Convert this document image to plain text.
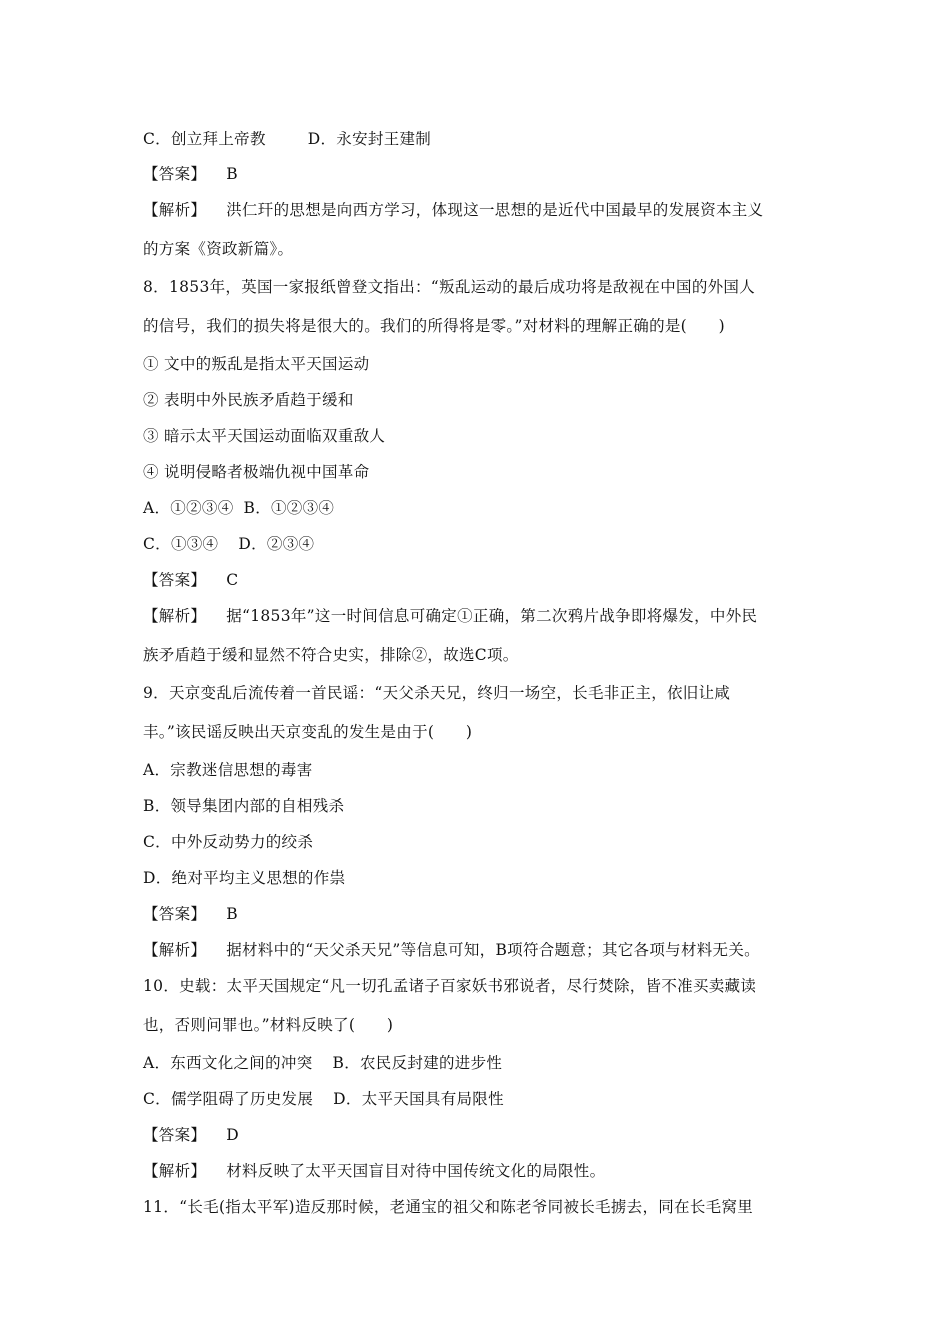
C．创立拜上帝教	D．永安封王建制
【答案】 B
【解析】 洪仁玕的思想是向西方学习，体现这一思想的是近代中国最早的发展资本主义
的方案《资政新篇》。
8．1853年，英国一家报纸曾登文指出：“叛乱运动的最后成功将是敌视在中国的外国人
的信号，我们的损失将是很大的。我们的所得将是零。”对材料的理解正确的是(　　)
① 文中的叛乱是指太平天国运动
② 表明中外民族矛盾趋于缓和
③ 暗示太平天国运动面临双重敌人
④ 说明侵略者极端仇视中国革命
A．①②③④ B．①②③④
C．①③④ D．②③④
【答案】 C
【解析】 据“1853年”这一时间信息可确定①正确，第二次鸦片战争即将爆发，中外民
族矛盾趋于缓和显然不符合史实，排除②，故选C项。
9．天京变乱后流传着一首民谣：“天父杀天兄，终归一场空，长毛非正主，依旧让咸
丰。”该民谣反映出天京变乱的发生是由于(　　)
A．宗教迷信思想的毒害
B．领导集团内部的自相残杀
C．中外反动势力的绞杀
D．绝对平均主义思想的作祟
【答案】 B
【解析】 据材料中的“天父杀天兄”等信息可知，B项符合题意；其它各项与材料无关。
10．史载：太平天国规定“凡一切孔孟诸子百家妖书邪说者，尽行焚除，皆不准买卖藏读
也，否则问罪也。”材料反映了(　　)
A．东西文化之间的冲突 B．农民反封建的进步性
C．儒学阻碍了历史发展 D．太平天国具有局限性
【答案】 D
【解析】 材料反映了太平天国盲目对待中国传统文化的局限性。
11．“长毛(指太平军)造反那时候，老通宝的祖父和陈老爷同被长毛掳去，同在长毛窝里
